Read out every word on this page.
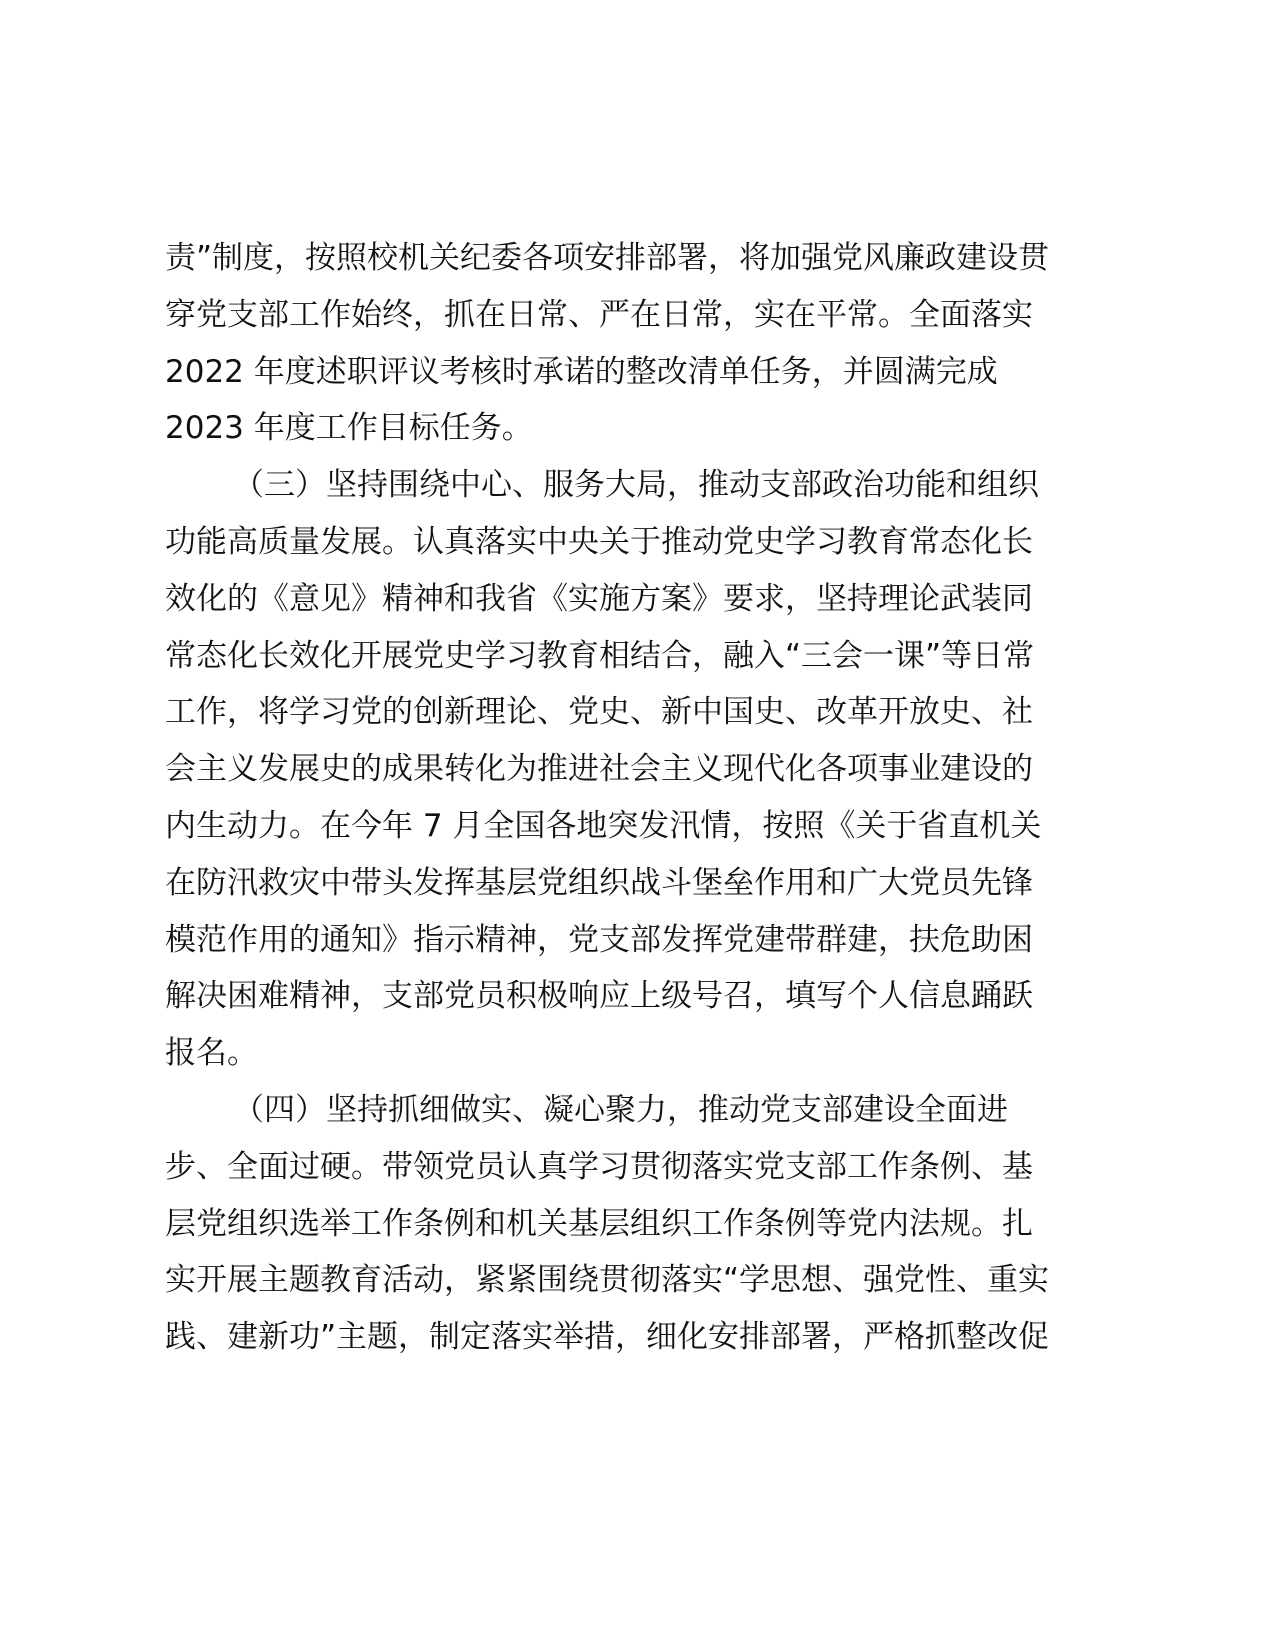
责”制度，按照校机关纪委各项安排部署，将加强党风廉政建设贯
穿党支部工作始终，抓在日常、严在日常，实在平常。全面落实
2022 年度述职评议考核时承诺的整改清单任务，并圆满完成
2023 年度工作目标任务。
（三）坚持围绕中心、服务大局，推动支部政治功能和组织
功能高质量发展。认真落实中央关于推动党史学习教育常态化长
效化的《意见》精神和我省《实施方案》要求，坚持理论武装同
常态化长效化开展党史学习教育相结合，融入“三会一课”等日常
工作，将学习党的创新理论、党史、新中国史、改革开放史、社
会主义发展史的成果转化为推进社会主义现代化各项事业建设的
内生动力。在今年 7 月全国各地突发汛情，按照《关于省直机关
在防汛救灾中带头发挥基层党组织战斗堡垒作用和广大党员先锋
模范作用的通知》指示精神，党支部发挥党建带群建，扶危助困
解决困难精神，支部党员积极响应上级号召，填写个人信息踊跃
报名。
（四）坚持抓细做实、凝心聚力，推动党支部建设全面进
步、全面过硬。带领党员认真学习贯彻落实党支部工作条例、基
层党组织选举工作条例和机关基层组织工作条例等党内法规。扎
实开展主题教育活动，紧紧围绕贯彻落实“学思想、强党性、重实
践、建新功”主题，制定落实举措，细化安排部署，严格抓整改促
